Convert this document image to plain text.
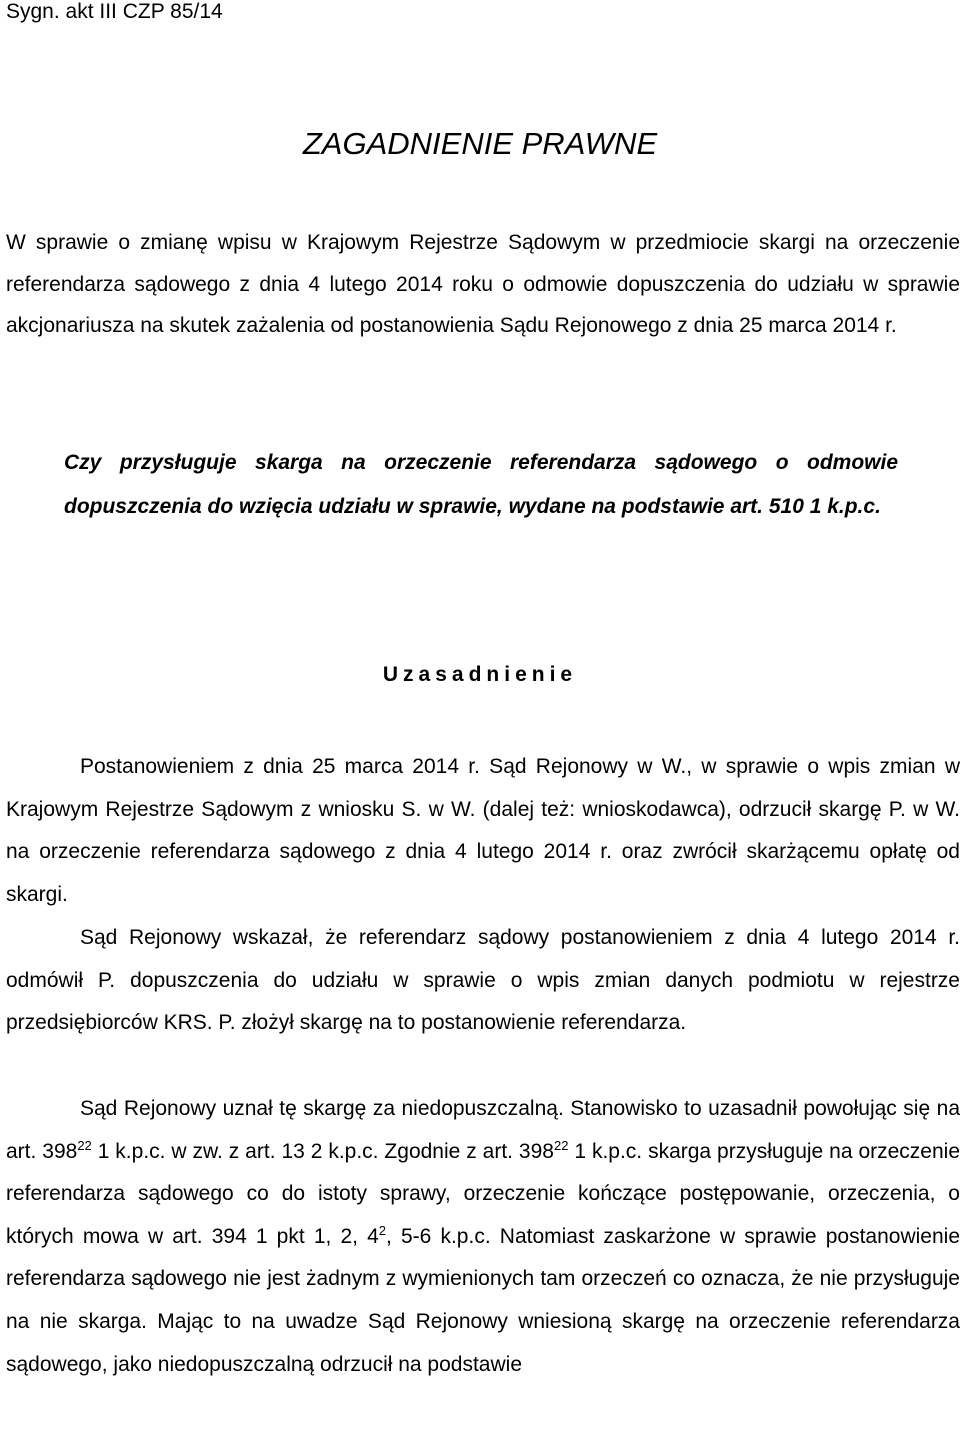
Sygn. akt III CZP 85/14
ZAGADNIENIE PRAWNE

W sprawie o zmianę wpisu w Krajowym Rejestrze Sądowym w przedmiocie skargi na orzeczenie referendarza sądowego z dnia 4 lutego 2014 roku o odmowie dopuszczenia do udziału w sprawie akcjonariusza na skutek zażalenia od postanowienia Sądu Rejonowego z dnia 25 marca 2014 r.

Czy przysługuje skarga na orzeczenie referendarza sądowego o odmowie dopuszczenia do wzięcia udziału w sprawie, wydane na podstawie art. 510 1 k.p.c.

Uzasadnienie

Postanowieniem z dnia 25 marca 2014 r. Sąd Rejonowy w W., w sprawie o wpis zmian w Krajowym Rejestrze Sądowym z wniosku S. w W. (dalej też: wnioskodawca), odrzucił skargę P. w W. na orzeczenie referendarza sądowego z dnia 4 lutego 2014 r. oraz zwrócił skarżącemu opłatę od skargi.

Sąd Rejonowy wskazał, że referendarz sądowy postanowieniem z dnia 4 lutego 2014 r. odmówił P. dopuszczenia do udziału w sprawie o wpis zmian danych podmiotu w rejestrze przedsiębiorców KRS. P. złożył skargę na to postanowienie referendarza.

Sąd Rejonowy uznał tę skargę za niedopuszczalną. Stanowisko to uzasadnił powołując się na art. $398^{22}$ 1 k.p.c. w zw. z art. 13 2 k.p.c. Zgodnie z art. $398^{22}$ 1 k.p.c. skarga przysługuje na orzeczenie referendarza sądowego co do istoty sprawy, orzeczenie kończące postępowanie, orzeczenia, o których mowa w art. 394 1 pkt 1, 2, $4^2$, 5-6 k.p.c. Natomiast zaskarżone w sprawie postanowienie referendarza sądowego nie jest żadnym z wymienionych tam orzeczeń co oznacza, że nie przysługuje na nie skarga. Mając to na uwadze Sąd Rejonowy wniesioną skargę na orzeczenie referendarza sądowego, jako niedopuszczalną odrzucił na podstawie
